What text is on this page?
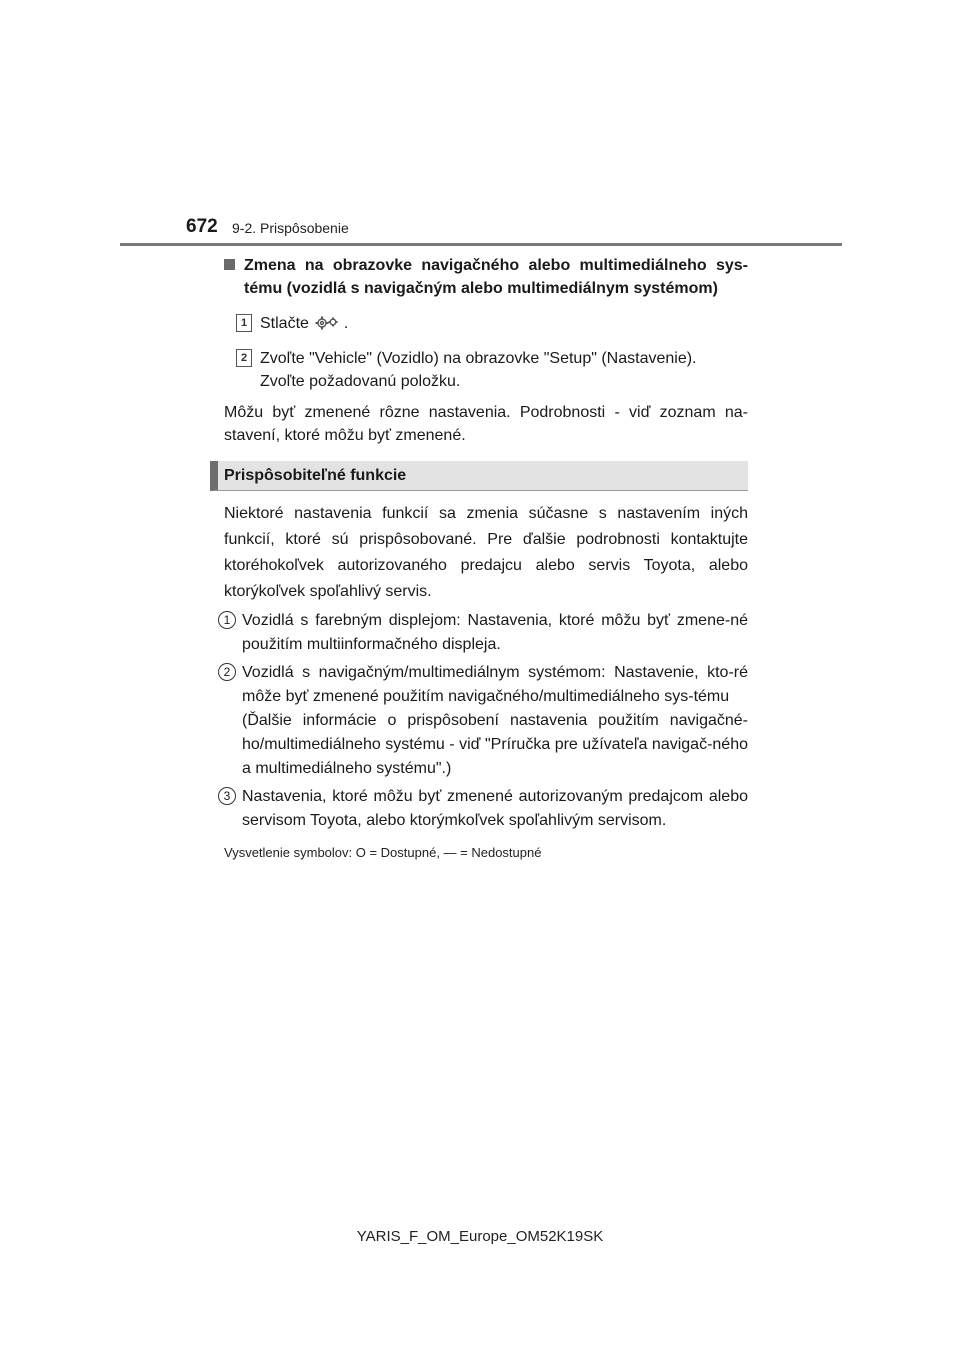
672 9-2. Prispôsobenie
Zmena na obrazovke navigačného alebo multimediálneho sys-tému (vozidlá s navigačným alebo multimediálnym systémom)
1 Stlačte  .
2 Zvoľte "Vehicle" (Vozidlo) na obrazovke "Setup" (Nastavenie).
Zvoľte požadovanú položku.
Môžu byť zmenené rôzne nastavenia. Podrobnosti - viď zoznam na-stavení, ktoré môžu byť zmenené.
Prispôsobiteľné funkcie
Niektoré nastavenia funkcií sa zmenia súčasne s nastavením iných funkcií, ktoré sú prispôsobované. Pre ďalšie podrobnosti kontaktujte ktoréhokoľvek autorizovaného predajcu alebo servis Toyota, alebo ktorýkoľvek spoľahlivý servis.
1 Vozidlá s farebným displejom: Nastavenia, ktoré môžu byť zmene-né použitím multiinformačného displeja.
2 Vozidlá s navigačným/multimediálnym systémom: Nastavenie, kto-ré môže byť zmenené použitím navigačného/multimediálneho sys-tému
(Ďalšie informácie o prispôsobení nastavenia použitím navigačné-ho/multimediálneho systému - viď "Príručka pre užívateľa navigač-ného a multimediálneho systému".)
3 Nastavenia, ktoré môžu byť zmenené autorizovaným predajcom alebo servisom Toyota, alebo ktorýmkoľvek spoľahlivým servisom.
Vysvetlenie symbolov: O = Dostupné, — = Nedostupné
YARIS_F_OM_Europe_OM52K19SK
